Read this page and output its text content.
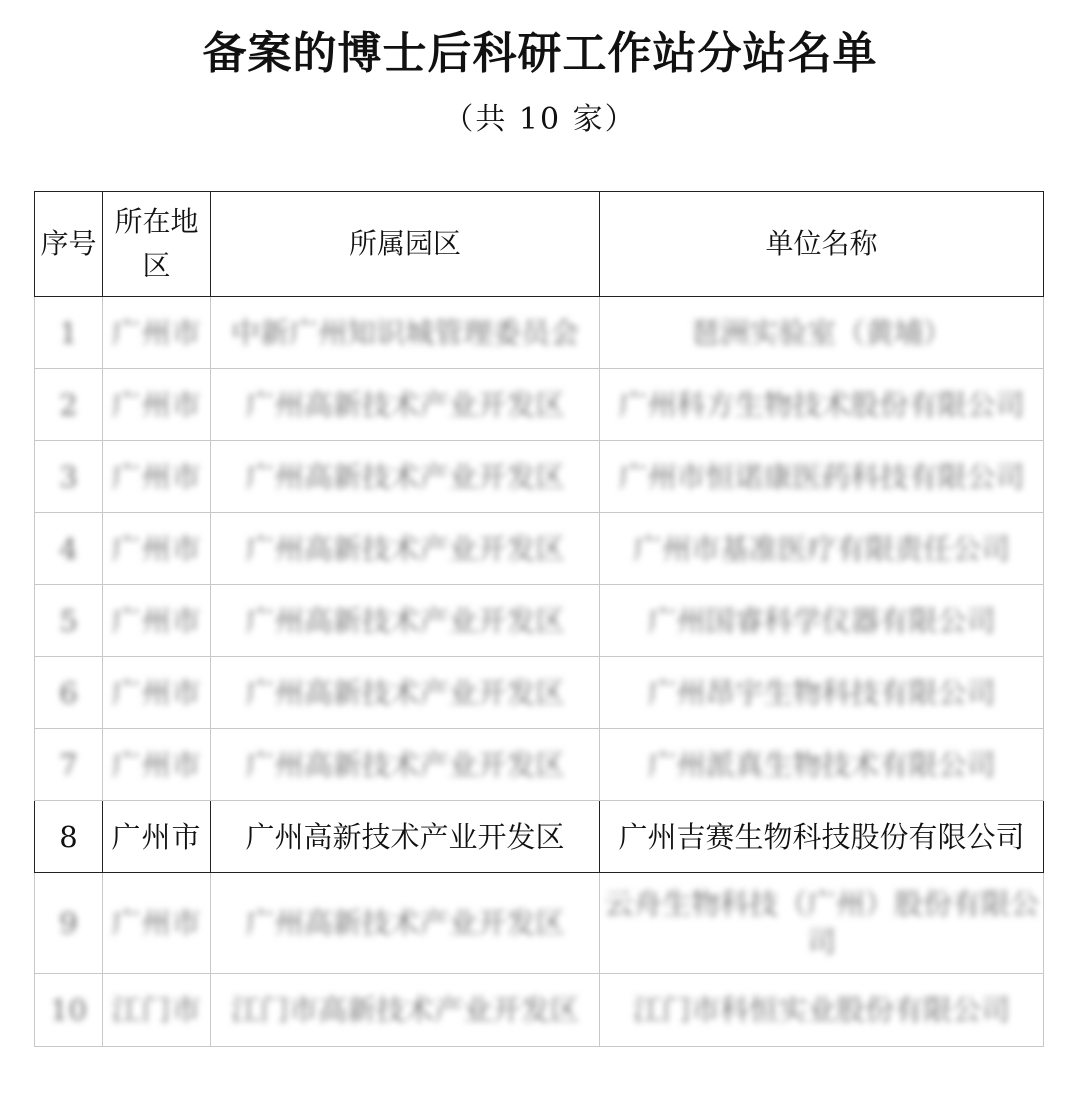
备案的博士后科研工作站分站名单
（共 10 家）
序号	所在地区	所属园区	单位名称
1	广州市	中新广州知识城管理委员会	琶洲实验室（黄埔）
2	广州市	广州高新技术产业开发区	广州科方生物技术股份有限公司
3	广州市	广州高新技术产业开发区	广州市恒诺康医药科技有限公司
4	广州市	广州高新技术产业开发区	广州市基准医疗有限责任公司
5	广州市	广州高新技术产业开发区	广州国睿科学仪器有限公司
6	广州市	广州高新技术产业开发区	广州昂宇生物科技有限公司
7	广州市	广州高新技术产业开发区	广州派真生物技术有限公司
8	广州市	广州高新技术产业开发区	广州吉赛生物科技股份有限公司
9	广州市	广州高新技术产业开发区	云舟生物科技（广州）股份有限公司
10	江门市	江门市高新技术产业开发区	江门市科恒实业股份有限公司
